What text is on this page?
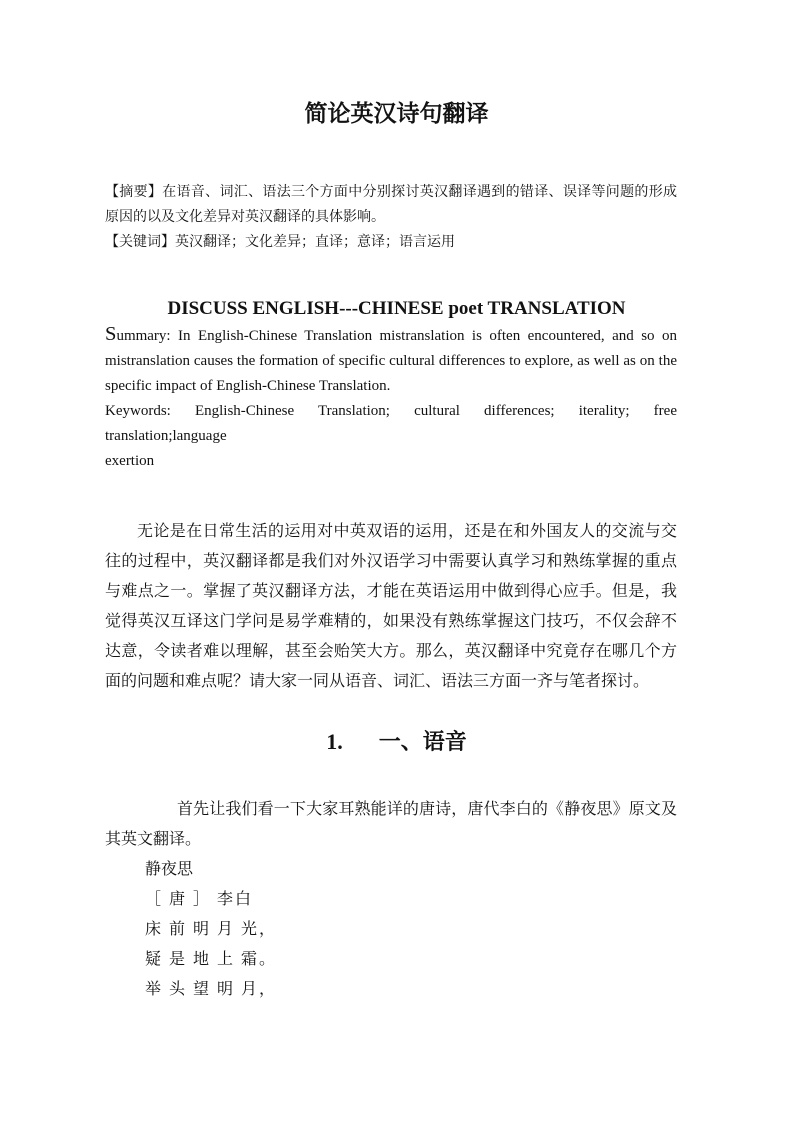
简论英汉诗句翻译
【摘要】在语音、词汇、语法三个方面中分别探讨英汉翻译遇到的错译、误译等问题的形成
原因的以及文化差异对英汉翻译的具体影响。
【关键词】英汉翻译；文化差异；直译；意译；语言运用
DISCUSS ENGLISH---CHINESE poet TRANSLATION
Summary: In English-Chinese Translation mistranslation is often encountered, and so on
mistranslation causes the formation of specific cultural differences to explore, as well as on the
specific impact of English-Chinese Translation.
Keywords: English-Chinese Translation; cultural differences; iterality; free translation;language
exertion
无论是在日常生活的运用对中英双语的运用，还是在和外国友人的交流与交
往的过程中，英汉翻译都是我们对外汉语学习中需要认真学习和熟练掌握的重点
与难点之一。掌握了英汉翻译方法，才能在英语运用中做到得心应手。但是，我
觉得英汉互译这门学问是易学难精的，如果没有熟练掌握这门技巧，不仅会辞不
达意，令读者难以理解，甚至会贻笑大方。那么，英汉翻译中究竟存在哪几个方
面的问题和难点呢？请大家一同从语音、词汇、语法三方面一齐与笔者探讨。
1. 一、语音
首先让我们看一下大家耳熟能详的唐诗，唐代李白的《静夜思》原文及
其英文翻译。
静夜思
［ 唐 ］ 李白
床 前 明 月 光，
疑 是 地 上 霜。
举 头 望 明 月，
